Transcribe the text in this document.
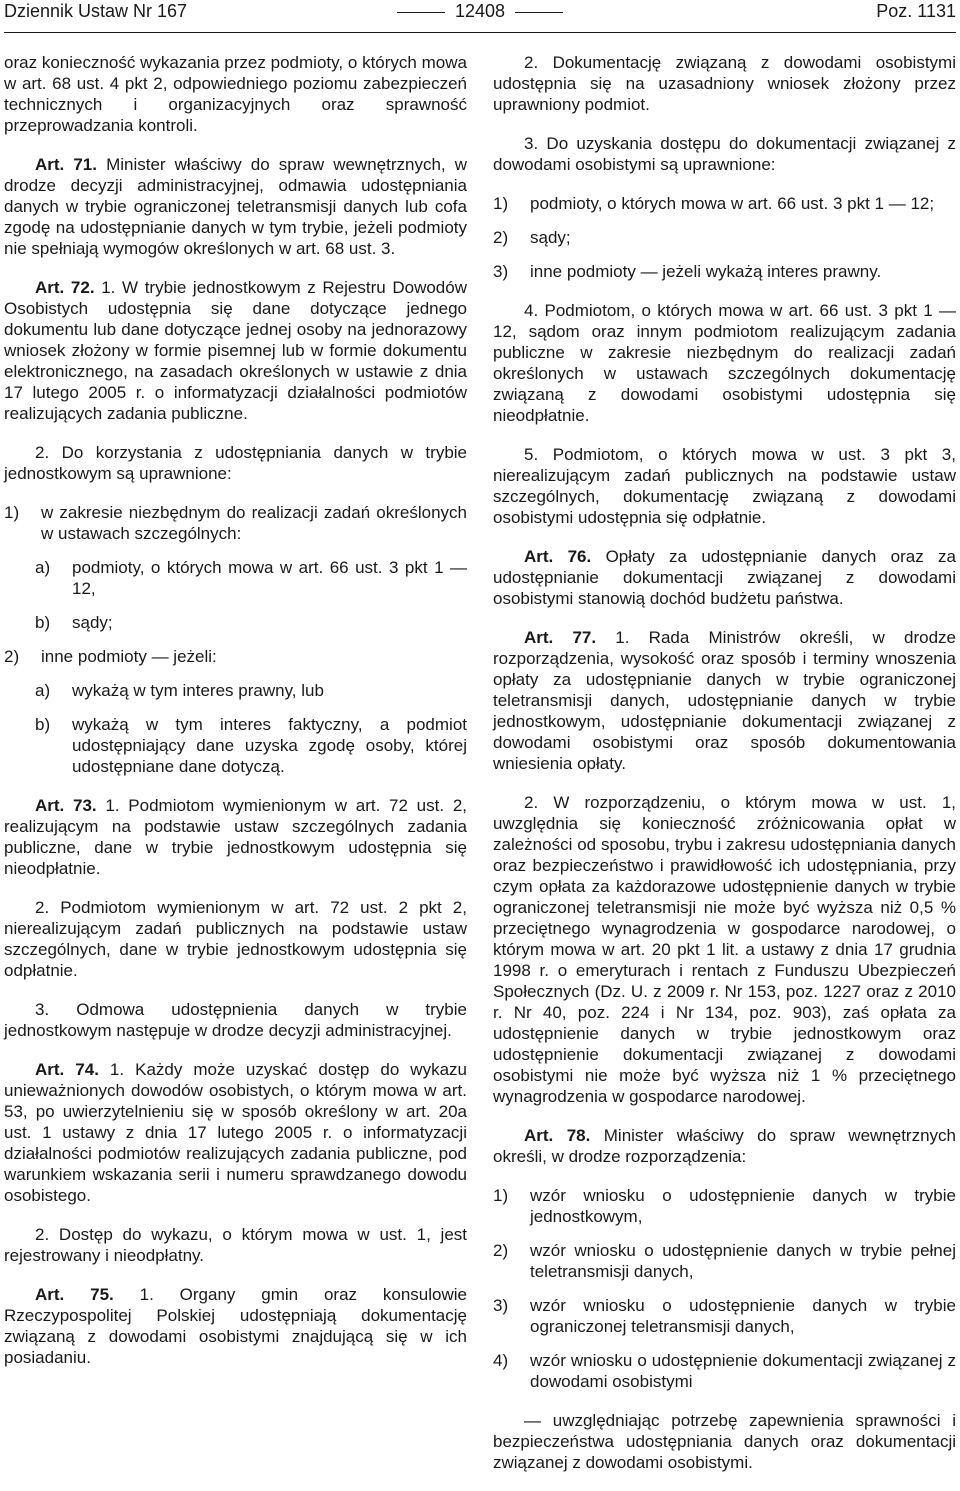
Dziennik Ustaw Nr 167	12408	Poz. 1131

oraz konieczność wykazania przez podmioty, o których mowa w art. 68 ust. 4 pkt 2, odpowiedniego poziomu zabezpieczeń technicznych i organizacyjnych oraz sprawność przeprowadzania kontroli.

Art. 71. Minister właściwy do spraw wewnętrznych, w drodze decyzji administracyjnej, odmawia udostępniania danych w trybie ograniczonej teletransmisji danych lub cofa zgodę na udostępnianie danych w tym trybie, jeżeli podmioty nie spełniają wymogów określonych w art. 68 ust. 3.

Art. 72. 1. W trybie jednostkowym z Rejestru Dowodów Osobistych udostępnia się dane dotyczące jednego dokumentu lub dane dotyczące jednej osoby na jednorazowy wniosek złożony w formie pisemnej lub w formie dokumentu elektronicznego, na zasadach określonych w ustawie z dnia 17 lutego 2005 r. o informatyzacji działalności podmiotów realizujących zadania publiczne.

2. Do korzystania z udostępniania danych w trybie jednostkowym są uprawnione:

1)	w zakresie niezbędnym do realizacji zadań określonych w ustawach szczególnych:
a)	podmioty, o których mowa w art. 66 ust. 3 pkt 1 — 12,
b)	sądy;
2)	inne podmioty — jeżeli:
a)	wykażą w tym interes prawny, lub
b)	wykażą w tym interes faktyczny, a podmiot udostępniający dane uzyska zgodę osoby, której udostępniane dane dotyczą.

Art. 73. 1. Podmiotom wymienionym w art. 72 ust. 2, realizującym na podstawie ustaw szczególnych zadania publiczne, dane w trybie jednostkowym udostępnia się nieodpłatnie.

2. Podmiotom wymienionym w art. 72 ust. 2 pkt 2, nierealizującym zadań publicznych na podstawie ustaw szczególnych, dane w trybie jednostkowym udostępnia się odpłatnie.

3. Odmowa udostępnienia danych w trybie jednostkowym następuje w drodze decyzji administracyjnej.

Art. 74. 1. Każdy może uzyskać dostęp do wykazu unieważnionych dowodów osobistych, o którym mowa w art. 53, po uwierzytelnieniu się w sposób określony w art. 20a ust. 1 ustawy z dnia 17 lutego 2005 r. o informatyzacji działalności podmiotów realizujących zadania publiczne, pod warunkiem wskazania serii i numeru sprawdzanego dowodu osobistego.

2. Dostęp do wykazu, o którym mowa w ust. 1, jest rejestrowany i nieodpłatny.

Art. 75. 1. Organy gmin oraz konsulowie Rzeczypospolitej Polskiej udostępniają dokumentację związaną z dowodami osobistymi znajdującą się w ich posiadaniu.

2. Dokumentację związaną z dowodami osobistymi udostępnia się na uzasadniony wniosek złożony przez uprawniony podmiot.

3. Do uzyskania dostępu do dokumentacji związanej z dowodami osobistymi są uprawnione:

1)	podmioty, o których mowa w art. 66 ust. 3 pkt 1 — 12;
2)	sądy;
3)	inne podmioty — jeżeli wykażą interes prawny.

4. Podmiotom, o których mowa w art. 66 ust. 3 pkt 1 — 12, sądom oraz innym podmiotom realizującym zadania publiczne w zakresie niezbędnym do realizacji zadań określonych w ustawach szczególnych dokumentację związaną z dowodami osobistymi udostępnia się nieodpłatnie.

5. Podmiotom, o których mowa w ust. 3 pkt 3, nierealizującym zadań publicznych na podstawie ustaw szczególnych, dokumentację związaną z dowodami osobistymi udostępnia się odpłatnie.

Art. 76. Opłaty za udostępnianie danych oraz za udostępnianie dokumentacji związanej z dowodami osobistymi stanowią dochód budżetu państwa.

Art. 77. 1. Rada Ministrów określi, w drodze rozporządzenia, wysokość oraz sposób i terminy wnoszenia opłaty za udostępnianie danych w trybie ograniczonej teletransmisji danych, udostępnianie danych w trybie jednostkowym, udostępnianie dokumentacji związanej z dowodami osobistymi oraz sposób dokumentowania wniesienia opłaty.

2. W rozporządzeniu, o którym mowa w ust. 1, uwzględnia się konieczność zróżnicowania opłat w zależności od sposobu, trybu i zakresu udostępniania danych oraz bezpieczeństwo i prawidłowość ich udostępniania, przy czym opłata za każdorazowe udostępnienie danych w trybie ograniczonej teletransmisji nie może być wyższa niż 0,5 % przeciętnego wynagrodzenia w gospodarce narodowej, o którym mowa w art. 20 pkt 1 lit. a ustawy z dnia 17 grudnia 1998 r. o emeryturach i rentach z Funduszu Ubezpieczeń Społecznych (Dz. U. z 2009 r. Nr 153, poz. 1227 oraz z 2010 r. Nr 40, poz. 224 i Nr 134, poz. 903), zaś opłata za udostępnienie danych w trybie jednostkowym oraz udostępnienie dokumentacji związanej z dowodami osobistymi nie może być wyższa niż 1 % przeciętnego wynagrodzenia w gospodarce narodowej.

Art. 78. Minister właściwy do spraw wewnętrznych określi, w drodze rozporządzenia:

1)	wzór wniosku o udostępnienie danych w trybie jednostkowym,
2)	wzór wniosku o udostępnienie danych w trybie pełnej teletransmisji danych,
3)	wzór wniosku o udostępnienie danych w trybie ograniczonej teletransmisji danych,
4)	wzór wniosku o udostępnienie dokumentacji związanej z dowodami osobistymi

— uwzględniając potrzebę zapewnienia sprawności i bezpieczeństwa udostępniania danych oraz dokumentacji związanej z dowodami osobistymi.
